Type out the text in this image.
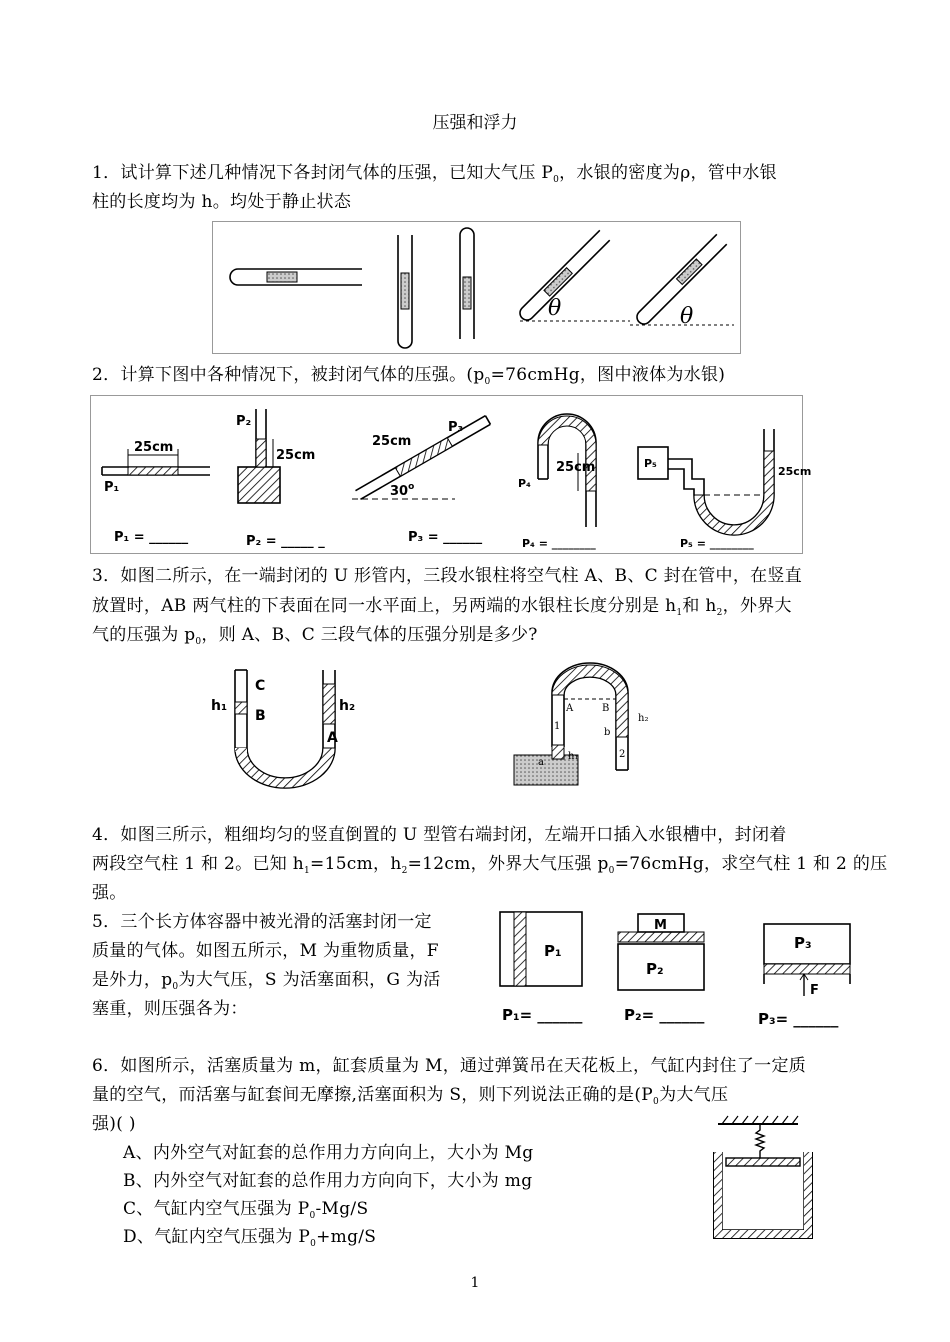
压强和浮力
1．试计算下述几种情况下各封闭气体的压强，已知大气压 $P_0$，水银的密度为ρ，管中水银
柱的长度均为 h。均处于静止状态
θ	θ
2．计算下图中各种情况下，被封闭气体的压强。($p_0=76cmHg$，图中液体为水银)
25cm
P₁
25cm
P₂
25cm
P₃
30$^o$
25cm
P₄
P₅
25cm
P₁ = ______	P₂ = _____ _	P₃ = ______	P₄ = ________	P₅ = ________
3．如图二所示，在一端封闭的 U 形管内，三段水银柱将空气柱 A、B、C 封在管中，在竖直
放置时，AB 两气柱的下表面在同一水平面上，另两端的水银柱长度分别是 $h_1$和 $h_2$，外界大
气的压强为 $p_0$，则 A、B、C 三段气体的压强分别是多少?
C
B
A
h₁	h₂	A	B
a
b
1
2
h₂
h₁
4．如图三所示，粗细均匀的竖直倒置的 U 型管右端封闭，左端开口插入水银槽中，封闭着
两段空气柱 1 和 2。已知 $h_1=15cm$，$h_2=12cm$，外界大气压强 $p_0=76cmHg$，求空气柱 1 和 2 的压
强。
5．三个长方体容器中被光滑的活塞封闭一定
质量的气体。如图五所示，M 为重物质量，F
是外力，$p_0$为大气压，S 为活塞面积，G 为活
塞重，则压强各为：
P₁
M
P₂
F
P₃
P₁= ______	P₂= ______	P₃= ______
6．如图所示，活塞质量为 m，缸套质量为 M，通过弹簧吊在天花板上，气缸内封住了一定质
量的空气，而活塞与缸套间无摩擦,活塞面积为 S，则下列说法正确的是($P_0$为大气压
强)( )
A、内外空气对缸套的总作用力方向向上，大小为 Mg
B、内外空气对缸套的总作用力方向向下，大小为 mg
C、气缸内空气压强为 $P_0-Mg/S$
D、气缸内空气压强为 $P_0+mg/S$
1
